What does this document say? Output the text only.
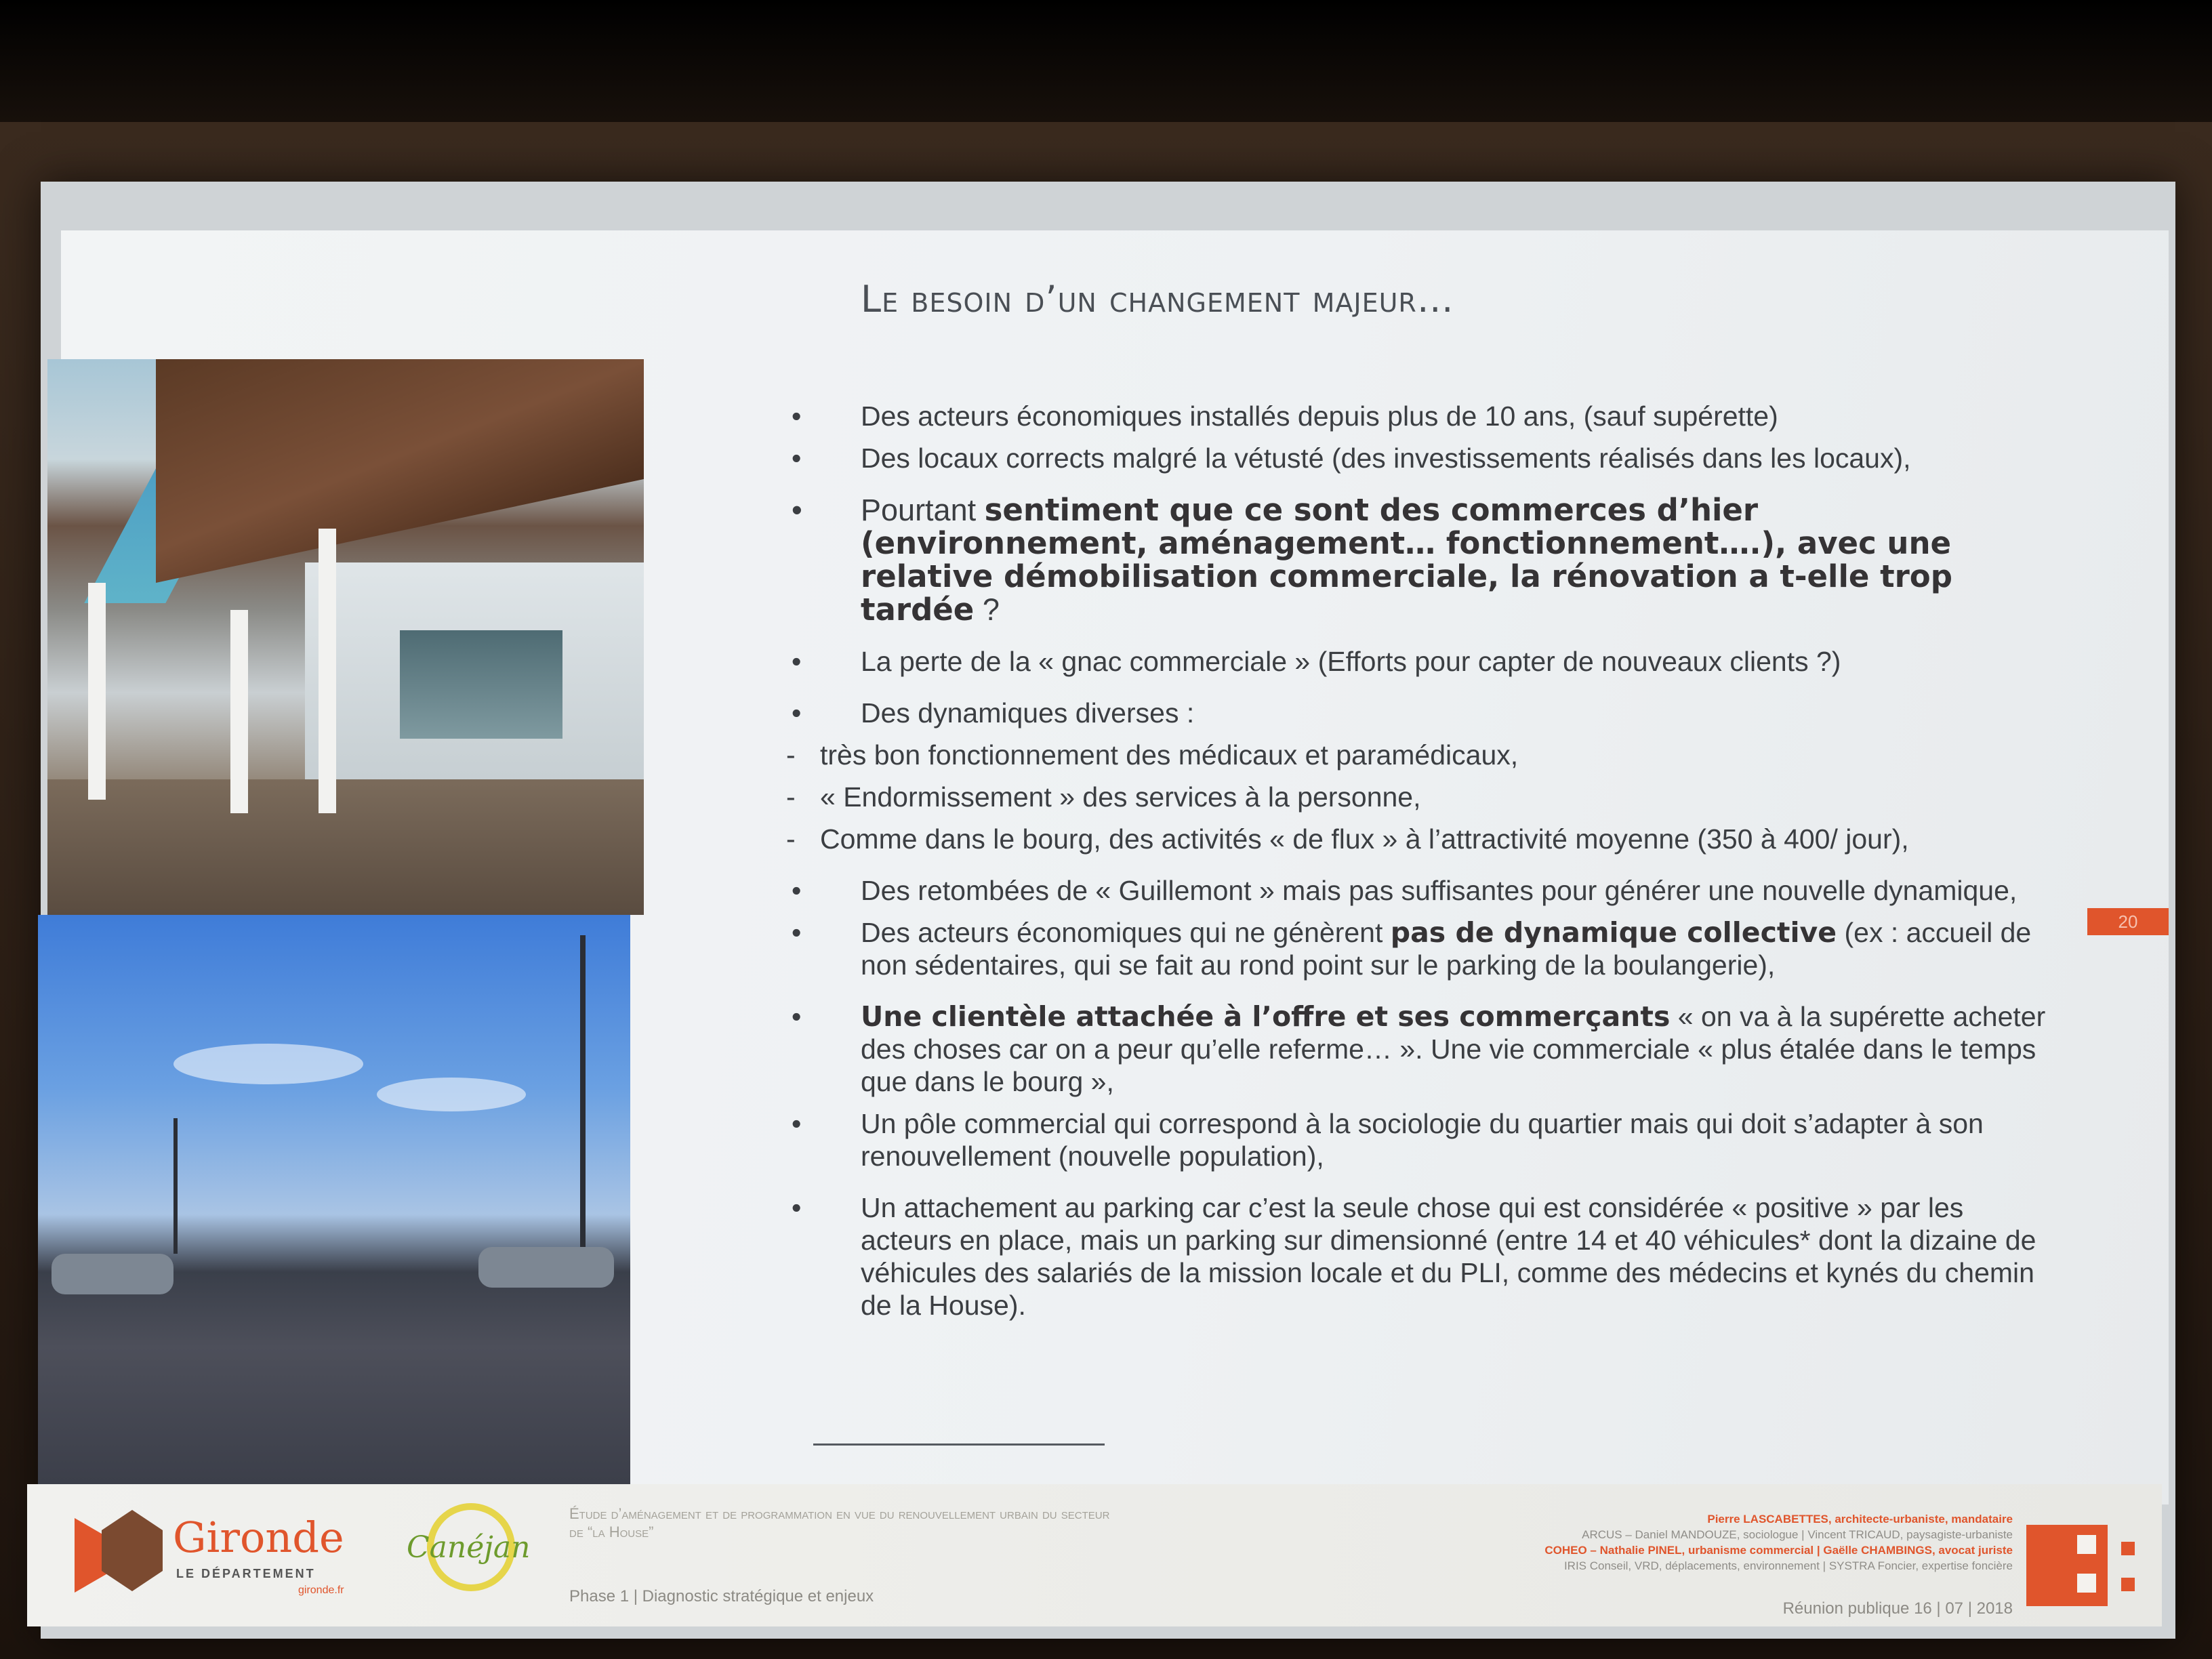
Le besoin d’un changement majeur…
• Des acteurs économiques installés depuis plus de 10 ans, (sauf supérette)
• Des locaux corrects malgré la vétusté (des investissements réalisés dans les locaux),
• Pourtant sentiment que ce sont des commerces d’hier (environnement, aménagement… fonctionnement….), avec une relative démobilisation commerciale, la rénovation a t-elle trop tardée ?
• La perte de la « gnac commerciale » (Efforts pour capter de nouveaux clients ?)
• Des dynamiques diverses :
- très bon fonctionnement des médicaux et paramédicaux,
- « Endormissement » des services à la personne,
- Comme dans le bourg, des activités « de flux » à l’attractivité moyenne (350 à 400/ jour),
• Des retombées de « Guillemont » mais pas suffisantes pour générer une nouvelle dynamique,
• Des acteurs économiques qui ne génèrent pas de dynamique collective (ex : accueil de non sédentaires, qui se fait au rond point sur le parking de la boulangerie),
• Une clientèle attachée à l’offre et ses commerçants « on va à la supérette acheter des choses car on a peur qu’elle referme… ». Une vie commerciale « plus étalée dans le temps que dans le bourg »,
• Un pôle commercial qui correspond à la sociologie du quartier mais qui doit s’adapter à son renouvellement (nouvelle population),
• Un attachement au parking car c’est la seule chose qui est considérée « positive » par les acteurs en place, mais un parking sur dimensionné (entre 14 et 40 véhicules* dont la dizaine de véhicules des salariés de la mission locale et du PLI, comme des médecins et kynés du chemin de la House).
20
Gironde
LE DÉPARTEMENT
gironde.fr
Canéjan
Étude d’aménagement et de programmation en vue du renouvellement urbain du secteur de “la House”
Phase 1 | Diagnostic stratégique et enjeux
Pierre LASCABETTES, architecte-urbaniste, mandataire
ARCUS – Daniel MANDOUZE, sociologue | Vincent TRICAUD, paysagiste-urbaniste
COHEO – Nathalie PINEL, urbanisme commercial | Gaëlle CHAMBINGS, avocat juriste
IRIS Conseil, VRD, déplacements, environnement | SYSTRA Foncier, expertise foncière
Réunion publique 16 | 07 | 2018
